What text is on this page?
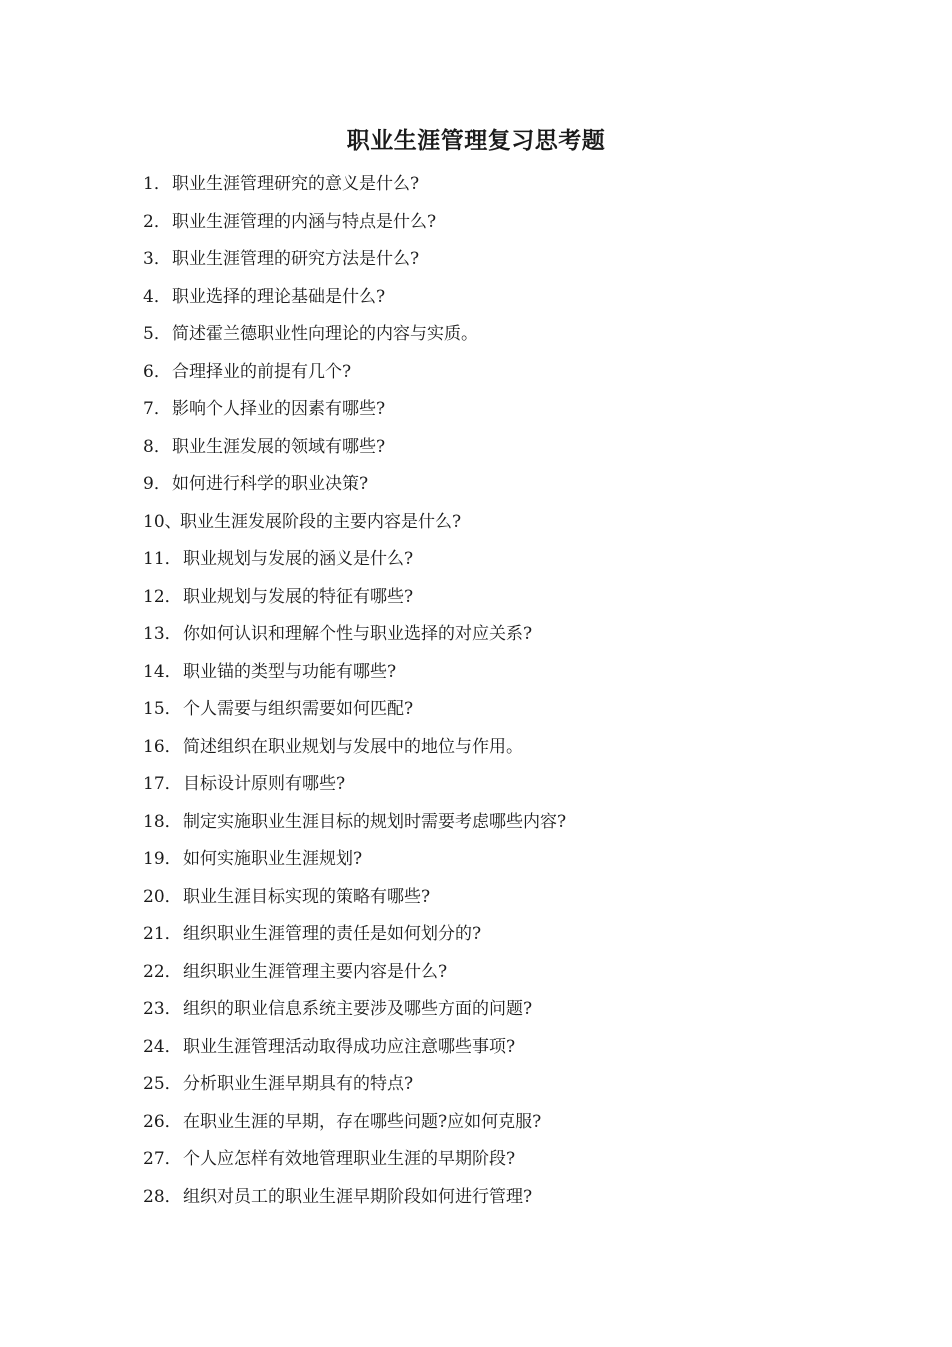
职业生涯管理复习思考题
1．职业生涯管理研究的意义是什么?
2．职业生涯管理的内涵与特点是什么?
3．职业生涯管理的研究方法是什么?
4．职业选择的理论基础是什么?
5．简述霍兰德职业性向理论的内容与实质。
6．合理择业的前提有几个?
7．影响个人择业的因素有哪些?
8．职业生涯发展的领域有哪些?
9．如何进行科学的职业决策?
10、职业生涯发展阶段的主要内容是什么?
11．职业规划与发展的涵义是什么?
12．职业规划与发展的特征有哪些?
13．你如何认识和理解个性与职业选择的对应关系?
14．职业锚的类型与功能有哪些?
15．个人需要与组织需要如何匹配?
16．简述组织在职业规划与发展中的地位与作用。
17．目标设计原则有哪些?
18．制定实施职业生涯目标的规划时需要考虑哪些内容?
19．如何实施职业生涯规划?
20．职业生涯目标实现的策略有哪些?
21．组织职业生涯管理的责任是如何划分的?
22．组织职业生涯管理主要内容是什么?
23．组织的职业信息系统主要涉及哪些方面的问题?
24．职业生涯管理活动取得成功应注意哪些事项?
25．分析职业生涯早期具有的特点?
26．在职业生涯的早期，存在哪些问题?应如何克服?
27．个人应怎样有效地管理职业生涯的早期阶段?
28．组织对员工的职业生涯早期阶段如何进行管理?
